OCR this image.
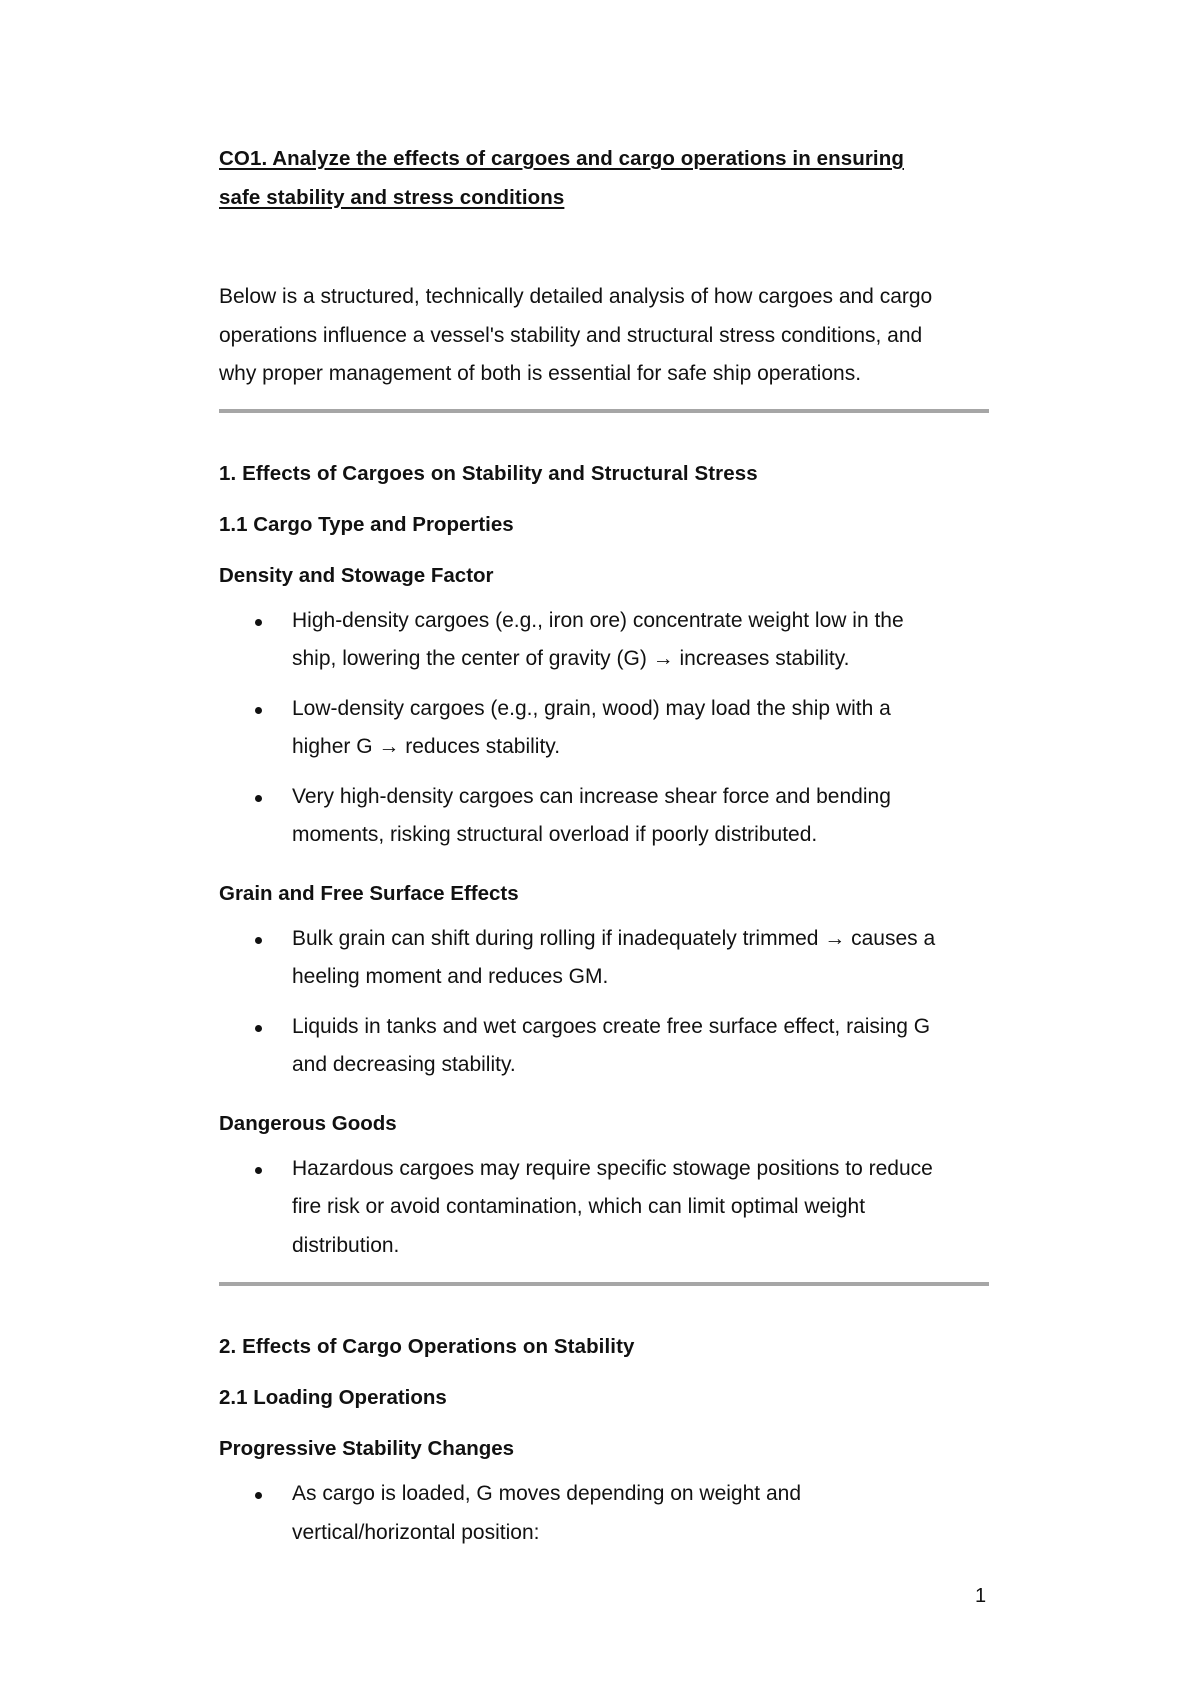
CO1. Analyze the effects of cargoes and cargo operations in ensuring
safe stability and stress conditions

Below is a structured, technically detailed analysis of how cargoes and cargo
operations influence a vessel's stability and structural stress conditions, and
why proper management of both is essential for safe ship operations.

1. Effects of Cargoes on Stability and Structural Stress
1.1 Cargo Type and Properties
Density and Stowage Factor
High-density cargoes (e.g., iron ore) concentrate weight low in the
ship, lowering the center of gravity (G) → increases stability.
Low-density cargoes (e.g., grain, wood) may load the ship with a
higher G → reduces stability.
Very high-density cargoes can increase shear force and bending
moments, risking structural overload if poorly distributed.
Grain and Free Surface Effects
Bulk grain can shift during rolling if inadequately trimmed → causes a
heeling moment and reduces GM.
Liquids in tanks and wet cargoes create free surface effect, raising G
and decreasing stability.
Dangerous Goods
Hazardous cargoes may require specific stowage positions to reduce
fire risk or avoid contamination, which can limit optimal weight
distribution.
2. Effects of Cargo Operations on Stability
2.1 Loading Operations
Progressive Stability Changes
As cargo is loaded, G moves depending on weight and
vertical/horizontal position:
1
